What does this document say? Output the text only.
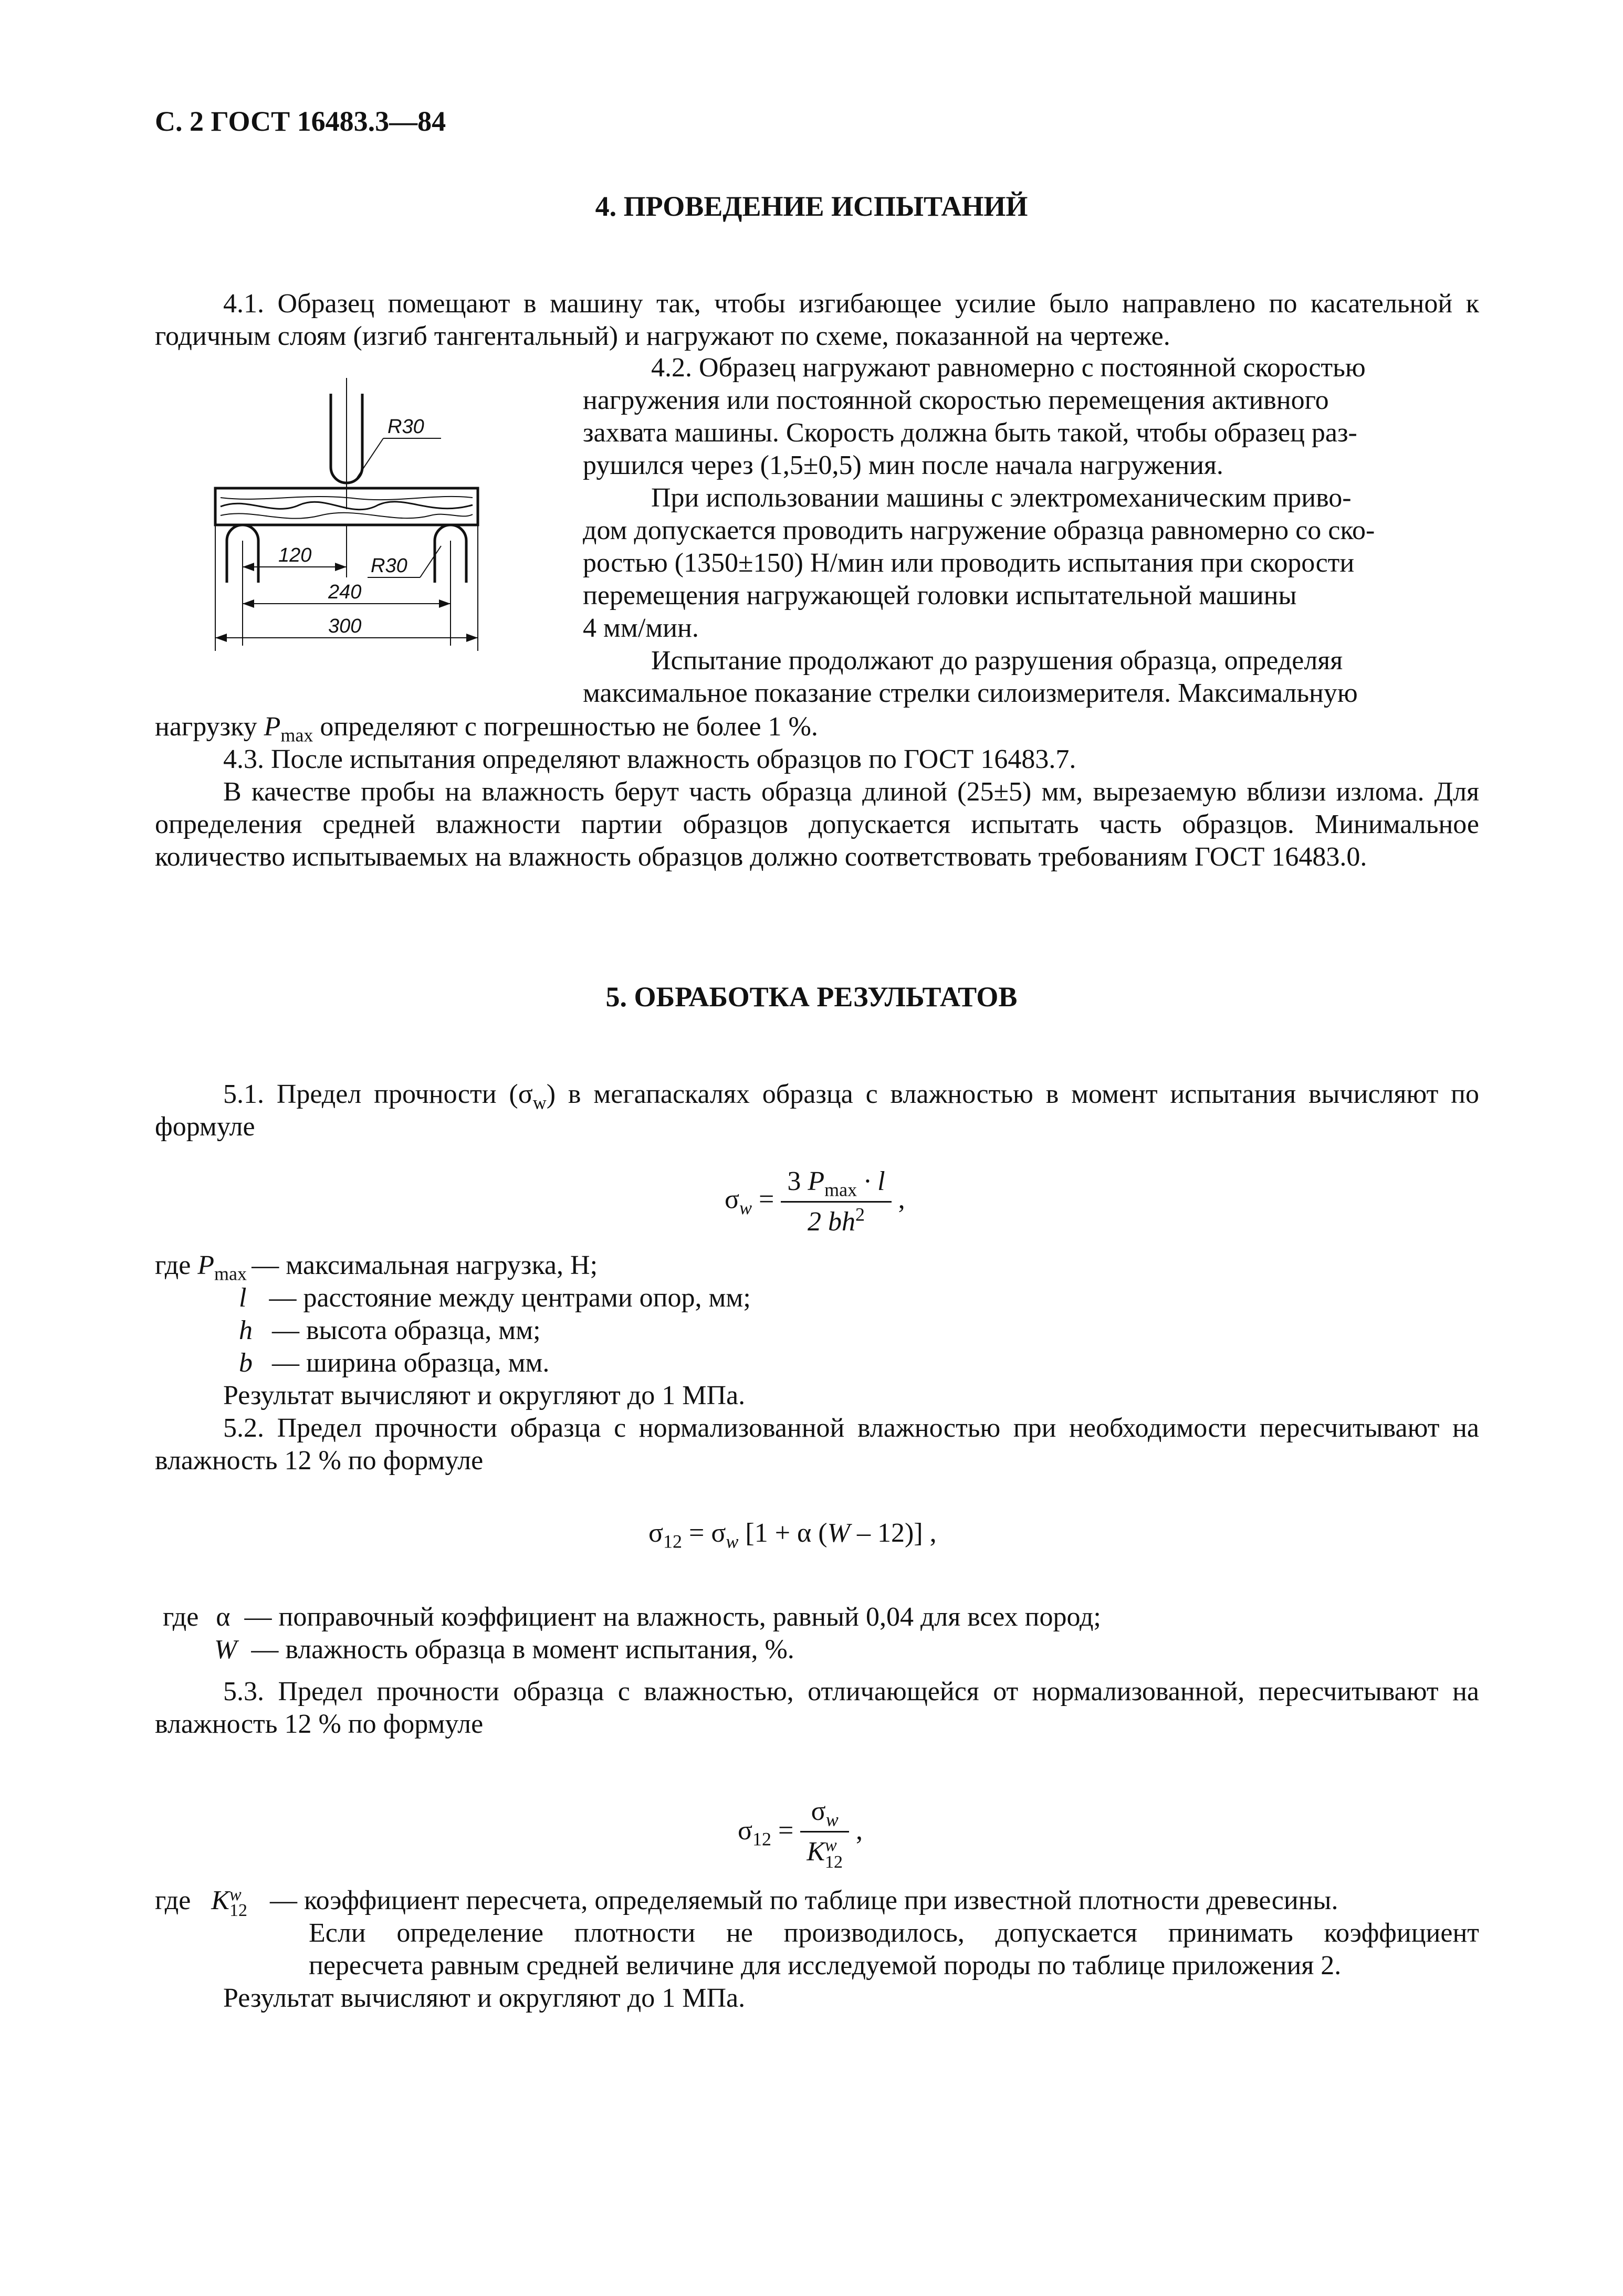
С. 2 ГОСТ 16483.3—84
4. ПРОВЕДЕНИЕ ИСПЫТАНИЙ
4.1. Образец помещают в машину так, чтобы изгибающее усилие было направлено по касательной к годичным слоям (изгиб тангентальный) и нагружают по схеме, показанной на чертеже.
4.2. Образец нагружают равномерно с постоянной скоростью
нагружения или постоянной скоростью перемещения активного
захвата машины. Скорость должна быть такой, чтобы образец раз-
рушился через (1,5±0,5) мин после начала нагружения.
При использовании машины с электромеханическим приво-
дом допускается проводить нагружение образца равномерно со ско-
ростью (1350±150) Н/мин или проводить испытания при скорости
перемещения нагружающей головки испытательной машины
4 мм/мин.
Испытание продолжают до разрушения образца, определяя
максимальное показание стрелки силоизмерителя. Максимальную
нагрузку $P_{max}$ определяют с погрешностью не более 1 %.
4.3. После испытания определяют влажность образцов по ГОСТ 16483.7.
В качестве пробы на влажность берут часть образца длиной (25±5) мм, вырезаемую вблизи излома. Для определения средней влажности партии образцов допускается испытать часть образцов. Минимальное количество испытываемых на влажность образцов должно соответствовать требованиям ГОСТ 16483.0.
R30
120	R30
240
300
5. ОБРАБОТКА РЕЗУЛЬТАТОВ
5.1. Предел прочности $(\sigma_w)$ в мегапаскалях образца с влажностью в момент испытания вычисляют по формуле
$\sigma_w = \frac{3 P_{max} \cdot l}{2 bh^2}$ ,
где $P_{max}$ — максимальная нагрузка, Н;
l — расстояние между центрами опор, мм;
h — высота образца, мм;
b — ширина образца, мм.
Результат вычисляют и округляют до 1 МПа.
5.2. Предел прочности образца с нормализованной влажностью при необходимости пересчитывают на влажность 12 % по формуле
$\sigma_{12} = \sigma_w$ [1 + α (W – 12)] ,
где α — поправочный коэффициент на влажность, равный 0,04 для всех пород;
W — влажность образца в момент испытания, %.
5.3. Предел прочности образца с влажностью, отличающейся от нормализованной, пересчитывают на влажность 12 % по формуле
$\sigma_{12}$ =
$\sigma_w$
Kw
12
,
где Kw
12 — коэффициент пересчета, определяемый по таблице при известной плотности древесины.
Если определение плотности не производилось, допускается принимать коэффициент
пересчета равным средней величине для исследуемой породы по таблице приложения 2.
Результат вычисляют и округляют до 1 МПа.
